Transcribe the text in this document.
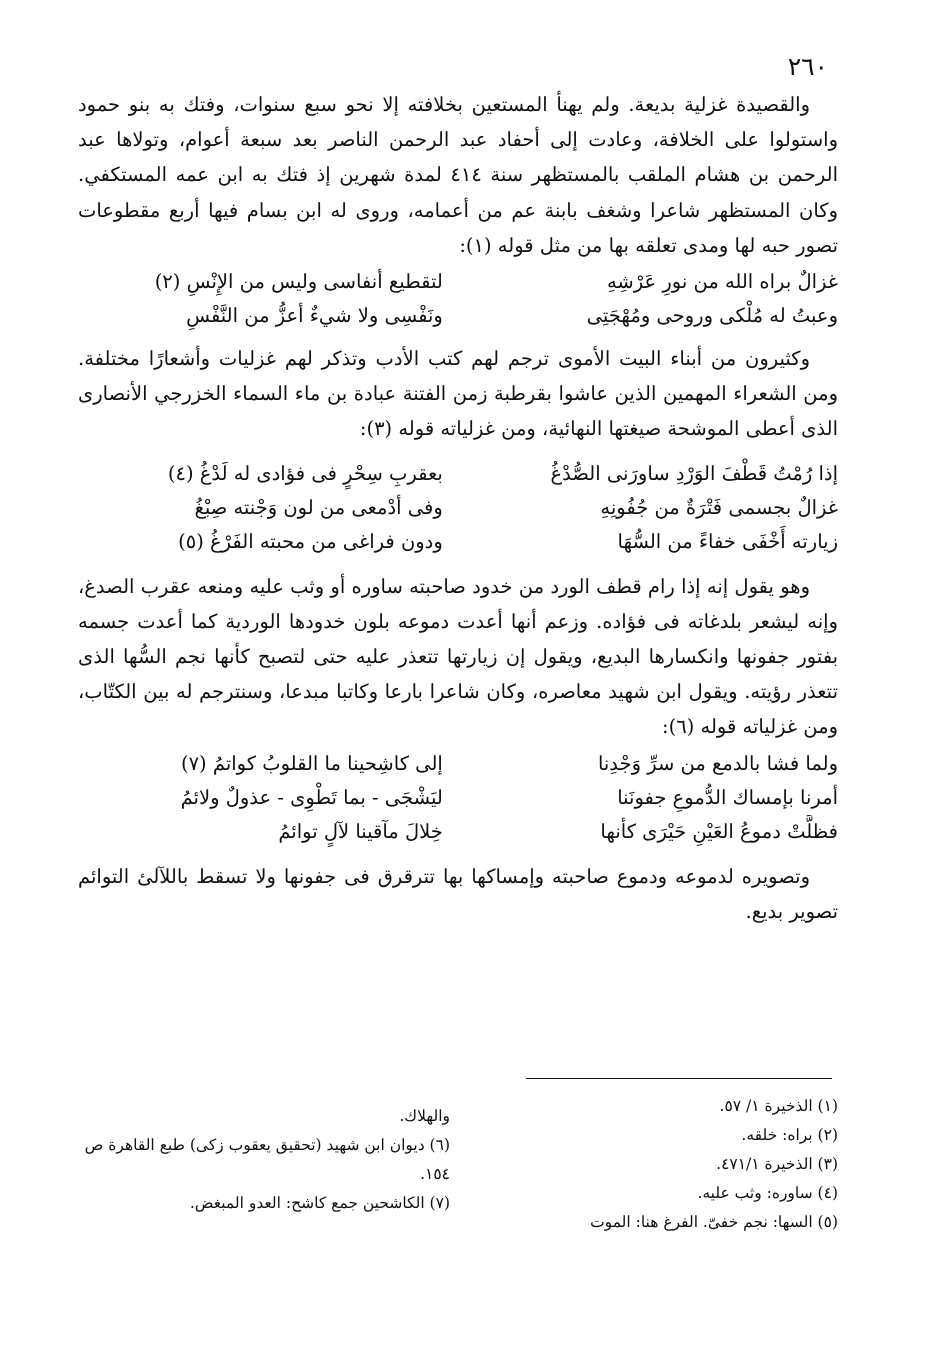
٢٦٠

والقصيدة غزلية بديعة. ولم يهنأ المستعين بخلافته إلا نحو سبع سنوات، وفتك به بنو حمود واستولوا على الخلافة، وعادت إلى أحفاد عبد الرحمن الناصر بعد سبعة أعوام، وتولاها عبد الرحمن بن هشام الملقب بالمستظهر سنة ٤١٤ لمدة شهرين إذ فتك به ابن عمه المستكفي. وكان المستظهر شاعرا وشغف بابنة عم من أعمامه، وروى له ابن بسام فيها أربع مقطوعات تصور حبه لها ومدى تعلقه بها من مثل قوله (١):

غزالٌ براه الله من نورِ عَرْشِهِ
لتقطيع أنفاسى وليس من الإِنْسِ (٢)
وعبتُ له مُلْكى وروحى ومُهْجَتِى
ونَفْسِى ولا شيءٌ أعزُّ من النَّفْسِ

وكثيرون من أبناء البيت الأموى ترجم لهم كتب الأدب وتذكر لهم غزليات وأشعارًا مختلفة. ومن الشعراء المهمين الذين عاشوا بقرطبة زمن الفتنة عبادة بن ماء السماء الخزرجي الأنصارى الذى أعطى الموشحة صيغتها النهائية، ومن غزلياته قوله (٣):

إذا رُمْتُ قَطْفَ الوَرْدِ ساورَنى الصُّدْغُ
بعقربِ سِحْرٍ فى فؤادى له لَدْغُ (٤)
غزالٌ بجسمى فَتْرَةٌ من جُفُونِهِ
وفى أدْمعى من لون وَجْنته صِبْغُ
زيارته أَخْفَى خفاءً من السُّهَا
ودون فراغى من محبته الفَرْغُ (٥)

وهو يقول إنه إذا رام قطف الورد من خدود صاحبته ساوره أو وثب عليه ومنعه عقرب الصدغ، وإنه ليشعر بلدغاته فى فؤاده. وزعم أنها أعدت دموعه بلون خدودها الوردية كما أعدت جسمه بفتور جفونها وانكسارها البديع، ويقول إن زيارتها تتعذر عليه حتى لتصبح كأنها نجم السُّها الذى تتعذر رؤيته. ويقول ابن شهيد معاصره، وكان شاعرا بارعا وكاتبا مبدعا، وسنترجم له بين الكتّاب، ومن غزلياته قوله (٦):

ولما فشا بالدمع من سرِّ وَجْدِنا
إلى كاشِحينا ما القلوبُ كواتمُ (٧)
أمرنا بإمساك الدُّموعِ جفونَنا
ليَشْجَى - بما تَطْوِى - عذولٌ ولائمُ
فظلَّتْ دموعُ العَيْنِ حَيْرَى كأنها
خِلالَ مآقينا لآلٍ توائمُ

وتصويره لدموعه ودموع صاحبته وإمساكها بها تترقرق فى جفونها ولا تسقط باللآلئ التوائم تصوير بديع.

(١) الذخيرة ١/ ٥٧.
(٢) براه: خلقه.
(٣) الذخيرة ٤٧١/١.
(٤) ساوره: وثب عليه.
(٥) السها: نجم خفىّ. الفرغ هنا: الموت
والهلاك.
(٦) ديوان ابن شهيد (تحقيق يعقوب زكى) طبع القاهرة ص ١٥٤.
(٧) الكاشحين جمع كاشح: العدو المبغض.
